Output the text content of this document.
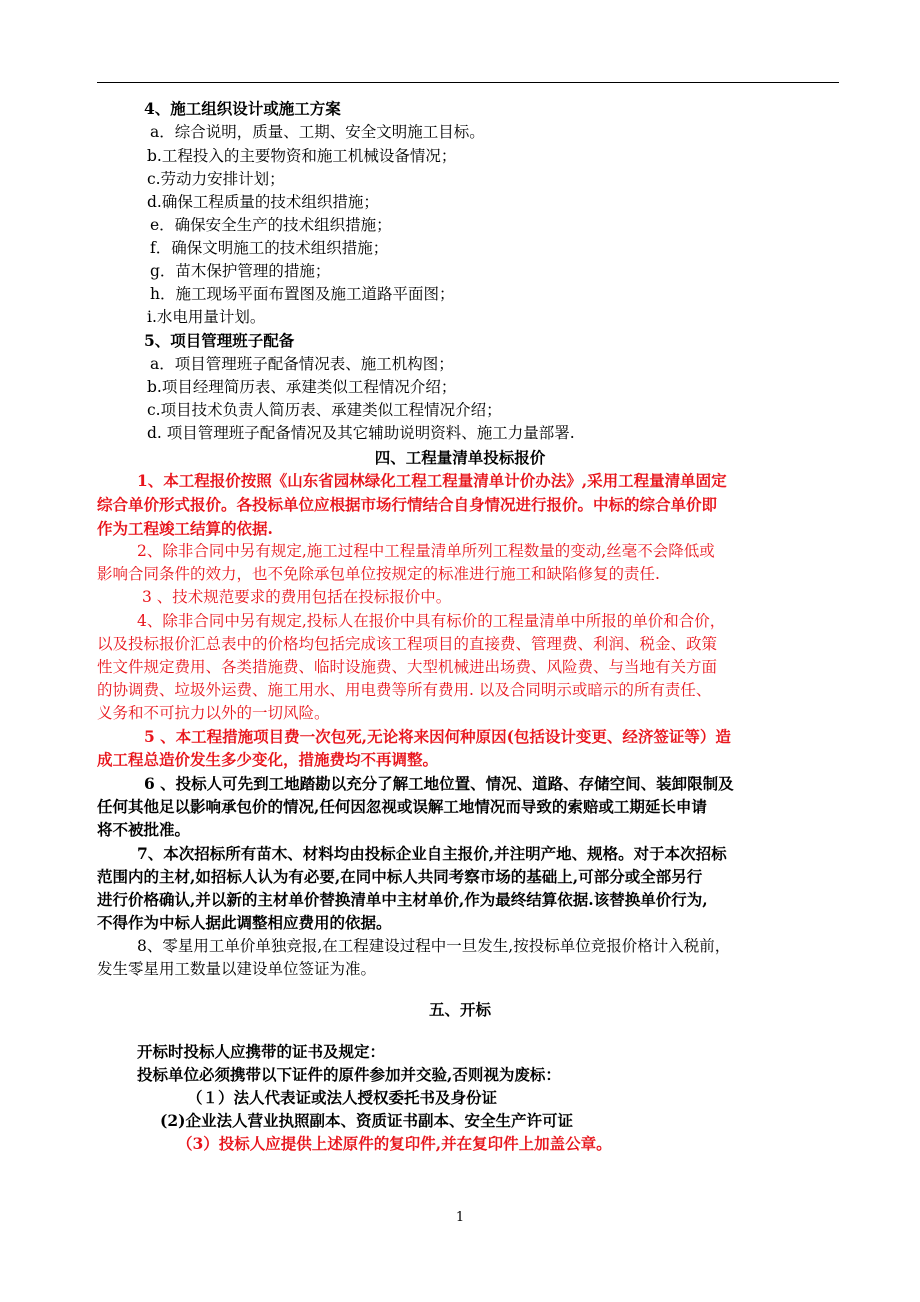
4、施工组织设计或施工方案
a．综合说明，质量、工期、安全文明施工目标。
b.工程投入的主要物资和施工机械设备情况；
c.劳动力安排计划；
d.确保工程质量的技术组织措施；
e．确保安全生产的技术组织措施；
f．确保文明施工的技术组织措施；
g．苗木保护管理的措施；
h．施工现场平面布置图及施工道路平面图；
i.水电用量计划。
5、项目管理班子配备
a．项目管理班子配备情况表、施工机构图；
b.项目经理简历表、承建类似工程情况介绍；
c.项目技术负责人简历表、承建类似工程情况介绍；
d. 项目管理班子配备情况及其它辅助说明资料、施工力量部署.
四、工程量清单投标报价
1、本工程报价按照《山东省园林绿化工程工程量清单计价办法》,采用工程量清单固定
综合单价形式报价。各投标单位应根据市场行情结合自身情况进行报价。中标的综合单价即
作为工程竣工结算的依据.
2、除非合同中另有规定,施工过程中工程量清单所列工程数量的变动,丝毫不会降低或
影响合同条件的效力，也不免除承包单位按规定的标准进行施工和缺陷修复的责任.
3 、技术规范要求的费用包括在投标报价中。
4、除非合同中另有规定,投标人在报价中具有标价的工程量清单中所报的单价和合价，
以及投标报价汇总表中的价格均包括完成该工程项目的直接费、管理费、利润、税金、政策
性文件规定费用、各类措施费、临时设施费、大型机械进出场费、风险费、与当地有关方面
的协调费、垃圾外运费、施工用水、用电费等所有费用. 以及合同明示或暗示的所有责任、
义务和不可抗力以外的一切风险。
5 、本工程措施项目费一次包死,无论将来因何种原因(包括设计变更、经济签证等）造
成工程总造价发生多少变化，措施费均不再调整。
6 、投标人可先到工地踏勘以充分了解工地位置、情况、道路、存储空间、装卸限制及
任何其他足以影响承包价的情况,任何因忽视或误解工地情况而导致的索赔或工期延长申请
将不被批准。
7、本次招标所有苗木、材料均由投标企业自主报价,并注明产地、规格。对于本次招标
范围内的主材,如招标人认为有必要,在同中标人共同考察市场的基础上,可部分或全部另行
进行价格确认,并以新的主材单价替换清单中主材单价,作为最终结算依据.该替换单价行为,
不得作为中标人据此调整相应费用的依据。
8、零星用工单价单独竞报,在工程建设过程中一旦发生,按投标单位竞报价格计入税前，
发生零星用工数量以建设单位签证为准。
五、开标
开标时投标人应携带的证书及规定：
投标单位必须携带以下证件的原件参加并交验,否则视为废标：
（１）法人代表证或法人授权委托书及身份证
(2)企业法人营业执照副本、资质证书副本、安全生产许可证
（3）投标人应提供上述原件的复印件,并在复印件上加盖公章。
1
